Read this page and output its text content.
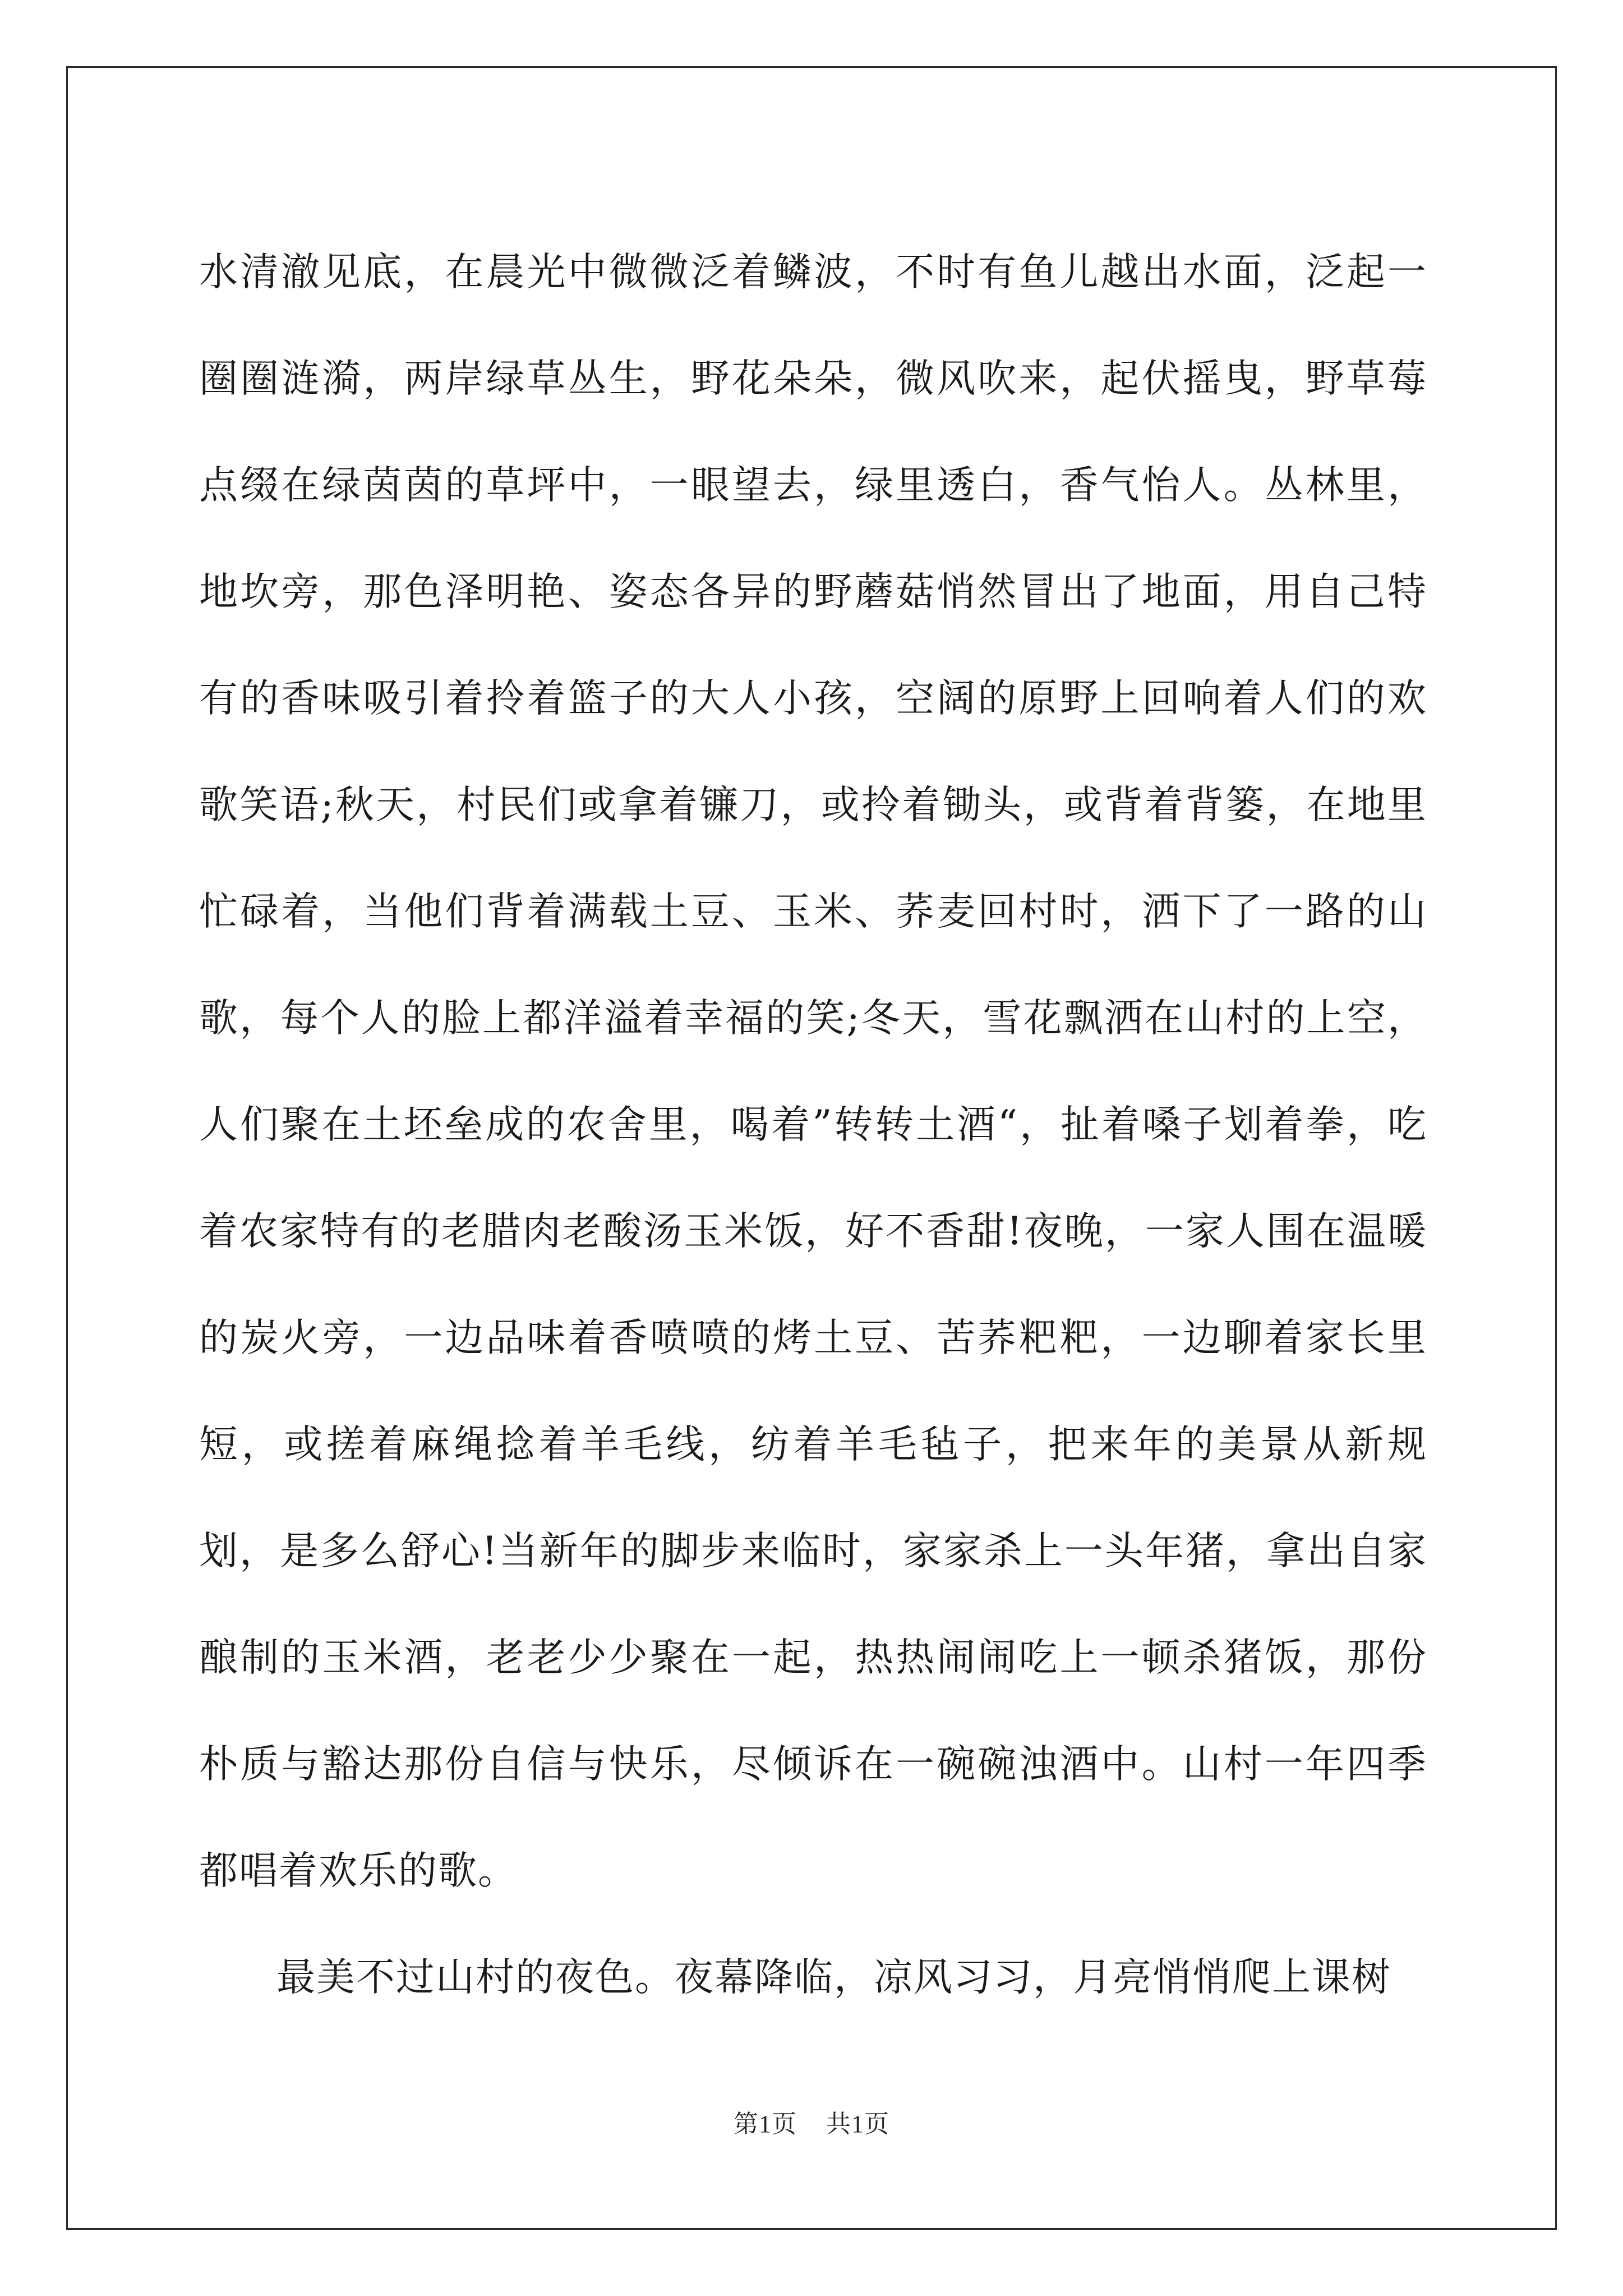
水清澈见底，在晨光中微微泛着鳞波，不时有鱼儿越出水面，泛起一圈圈涟漪，两岸绿草丛生，野花朵朵，微风吹来，起伏摇曳，野草莓点缀在绿茵茵的草坪中，一眼望去，绿里透白，香气怡人。丛林里，地坎旁，那色泽明艳、姿态各异的野蘑菇悄然冒出了地面，用自己特有的香味吸引着拎着篮子的大人小孩，空阔的原野上回响着人们的欢歌笑语;秋天，村民们或拿着镰刀，或拎着锄头，或背着背篓，在地里忙碌着，当他们背着满载土豆、玉米、荞麦回村时，洒下了一路的山歌，每个人的脸上都洋溢着幸福的笑;冬天，雪花飘洒在山村的上空，人们聚在土坯垒成的农舍里，喝着”转转土酒“，扯着嗓子划着拳，吃着农家特有的老腊肉老酸汤玉米饭，好不香甜!夜晚，一家人围在温暖的炭火旁，一边品味着香喷喷的烤土豆、苦荞粑粑，一边聊着家长里短，或搓着麻绳捻着羊毛线，纺着羊毛毡子，把来年的美景从新规划，是多么舒心!当新年的脚步来临时，家家杀上一头年猪，拿出自家酿制的玉米酒，老老少少聚在一起，热热闹闹吃上一顿杀猪饭，那份朴质与豁达那份自信与快乐，尽倾诉在一碗碗浊酒中。山村一年四季都唱着欢乐的歌。

最美不过山村的夜色。夜幕降临，凉风习习，月亮悄悄爬上课树

第1页 共1页
